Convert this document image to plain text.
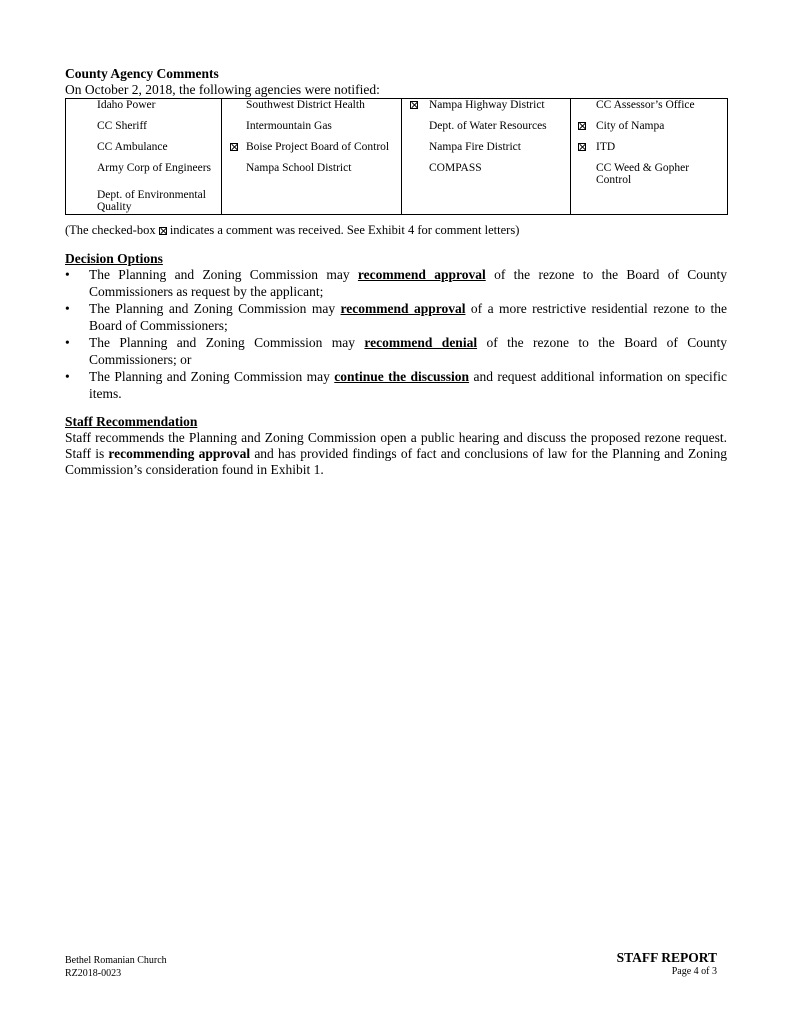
County Agency Comments
On October 2, 2018, the following agencies were notified:
Idaho Power	Southwest District Health	Nampa Highway District	CC Assessor’s Office

CC Sheriff	Intermountain Gas	Dept. of Water Resources	City of Nampa

CC Ambulance	Boise Project Board of Control	Nampa Fire District	ITD

Army Corp of Engineers	Nampa School District	COMPASS	CC Weed & Gopher Control

Dept. of Environmental Quality			

(The checked-box indicates a comment was received. See Exhibit 4 for comment letters)
Decision Options
• The Planning and Zoning Commission may recommend approval of the rezone to the Board of County Commissioners as request by the applicant;
• The Planning and Zoning Commission may recommend approval of a more restrictive residential rezone to the Board of Commissioners;
• The Planning and Zoning Commission may recommend denial of the rezone to the Board of County Commissioners; or
• The Planning and Zoning Commission may continue the discussion and request additional information on specific items.
Staff Recommendation
Staff recommends the Planning and Zoning Commission open a public hearing and discuss the proposed rezone request. Staff is recommending approval and has provided findings of fact and conclusions of law for the Planning and Zoning Commission’s consideration found in Exhibit 1.
Bethel Romanian Church
RZ2018-0023
STAFF REPORT
Page 4 of 3
